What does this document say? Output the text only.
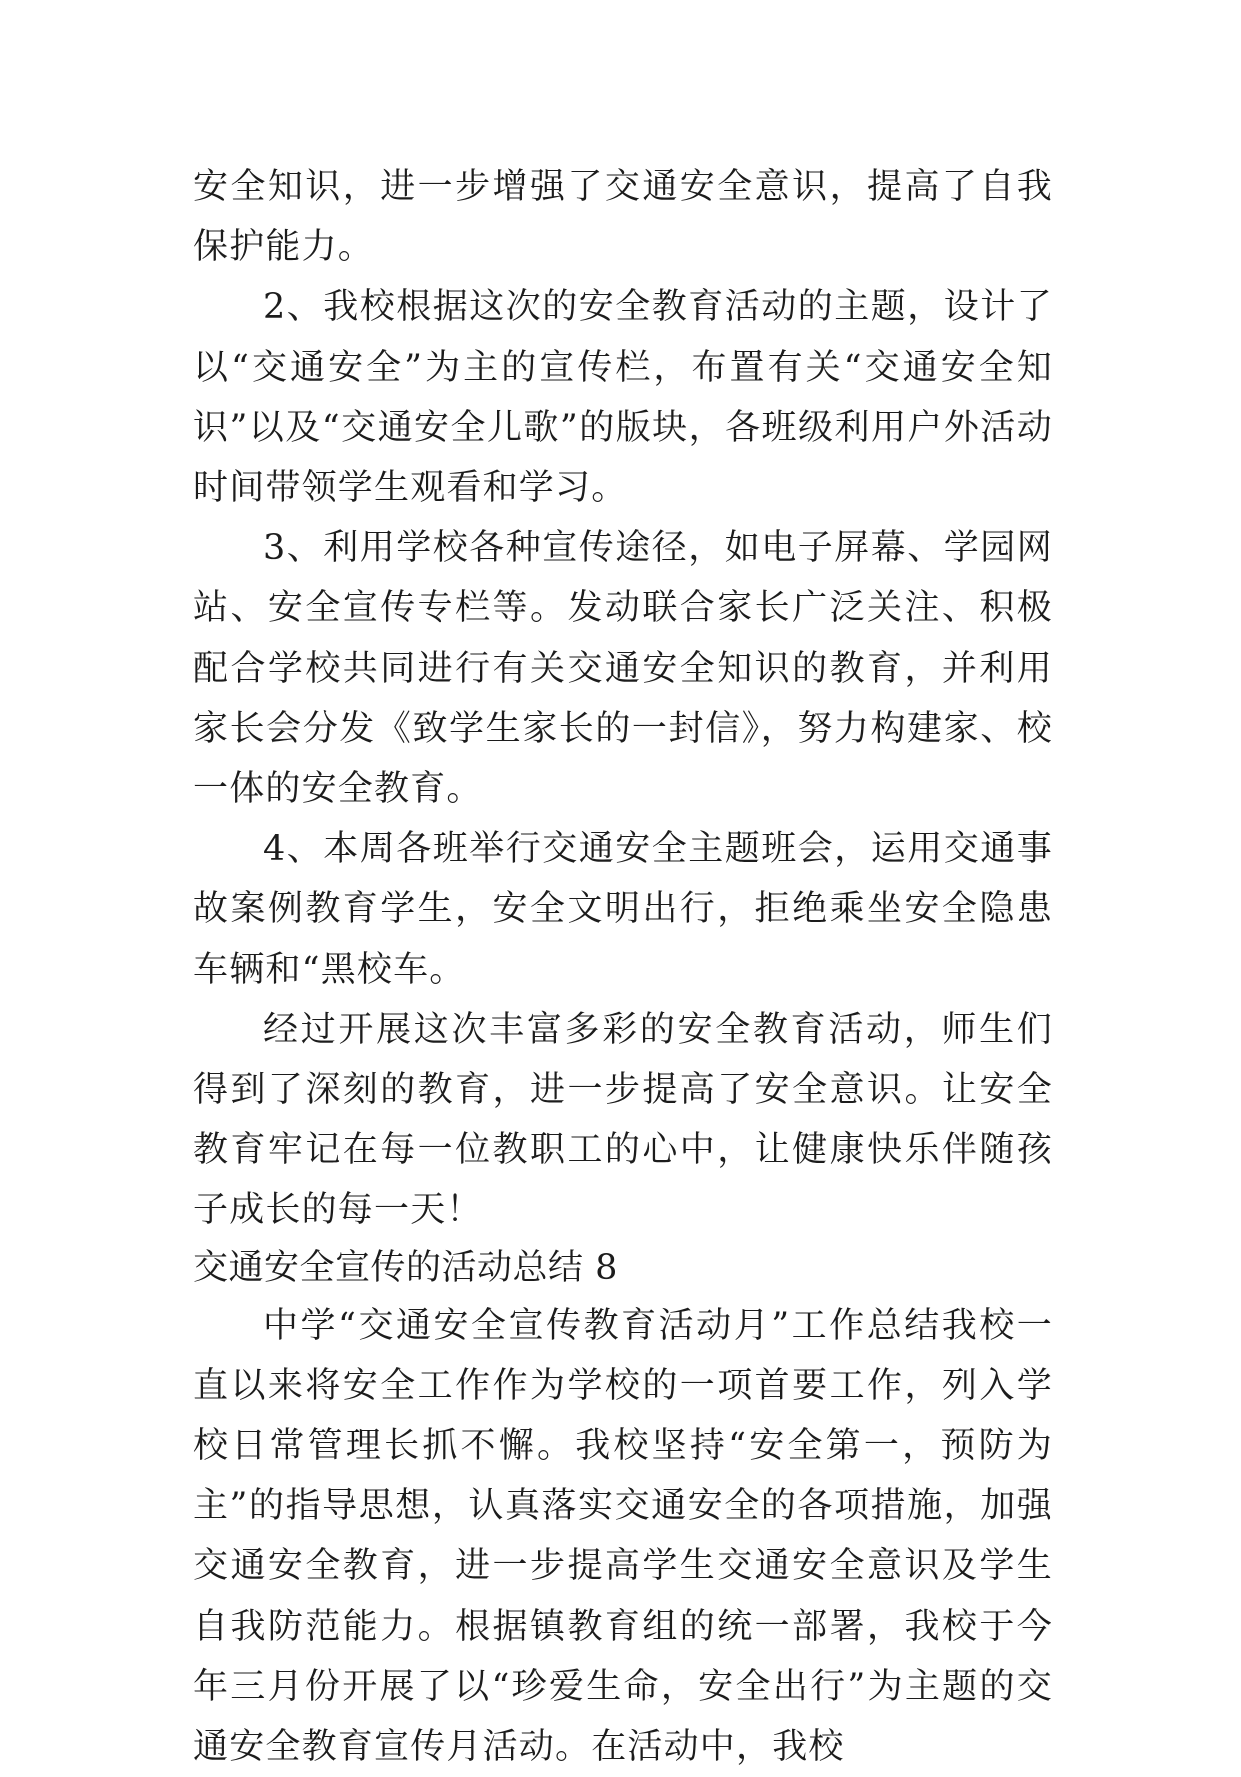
安全知识，进一步增强了交通安全意识，提高了自我保护能力。

2、我校根据这次的安全教育活动的主题，设计了以“交通安全”为主的宣传栏，布置有关“交通安全知识”以及“交通安全儿歌”的版块，各班级利用户外活动时间带领学生观看和学习。

3、利用学校各种宣传途径，如电子屏幕、学园网站、安全宣传专栏等。发动联合家长广泛关注、积极配合学校共同进行有关交通安全知识的教育，并利用家长会分发《致学生家长的一封信》，努力构建家、校一体的安全教育。

4、本周各班举行交通安全主题班会，运用交通事故案例教育学生，安全文明出行，拒绝乘坐安全隐患车辆和“黑校车。

经过开展这次丰富多彩的安全教育活动，师生们得到了深刻的教育，进一步提高了安全意识。让安全教育牢记在每一位教职工的心中，让健康快乐伴随孩子成长的每一天！

交通安全宣传的活动总结 8

中学“交通安全宣传教育活动月”工作总结我校一直以来将安全工作作为学校的一项首要工作，列入学校日常管理长抓不懈。我校坚持“安全第一，预防为主”的指导思想，认真落实交通安全的各项措施，加强交通安全教育，进一步提高学生交通安全意识及学生自我防范能力。根据镇教育组的统一部署，我校于今年三月份开展了以“珍爱生命，安全出行”为主题的交通安全教育宣传月活动。在活动中，我校
